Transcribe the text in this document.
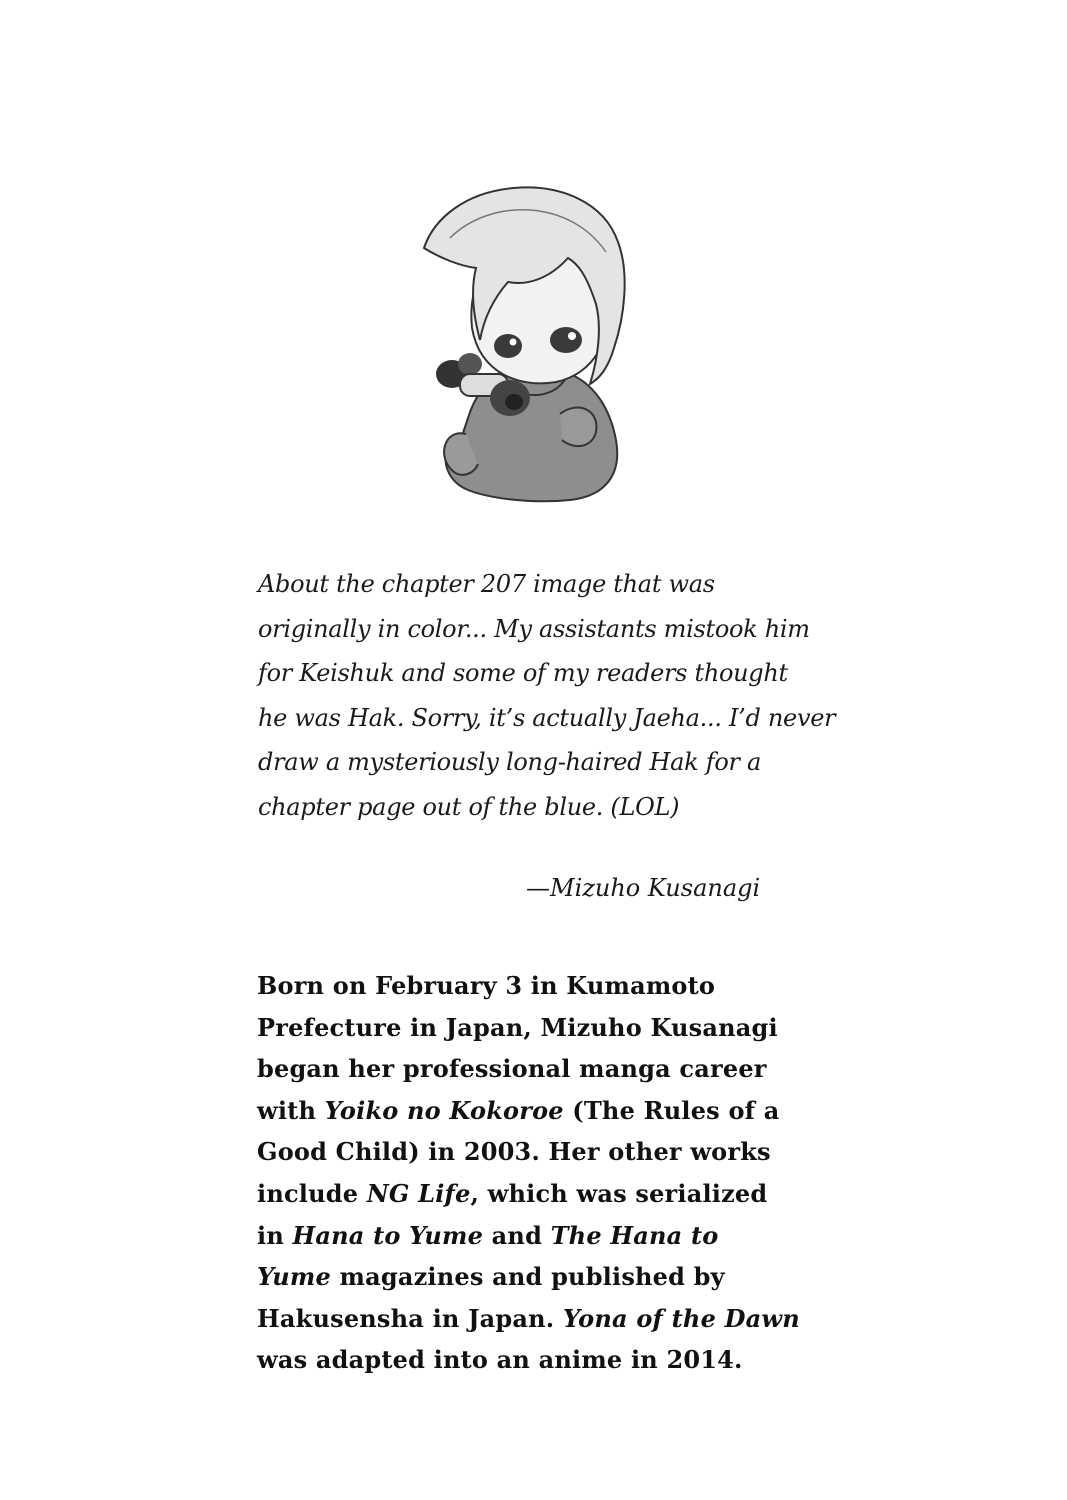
About the chapter 207 image that was
originally in color... My assistants mistook him
for Keishuk and some of my readers thought
he was Hak. Sorry, it’s actually Jaeha... I’d never
draw a mysteriously long-haired Hak for a
chapter page out of the blue. (LOL)
—Mizuho Kusanagi
Born on February 3 in Kumamoto
Prefecture in Japan, Mizuho Kusanagi
began her professional manga career
with Yoiko no Kokoroe (The Rules of a
Good Child) in 2003. Her other works
include NG Life, which was serialized
in Hana to Yume and The Hana to
Yume magazines and published by
Hakusensha in Japan. Yona of the Dawn
was adapted into an anime in 2014.
